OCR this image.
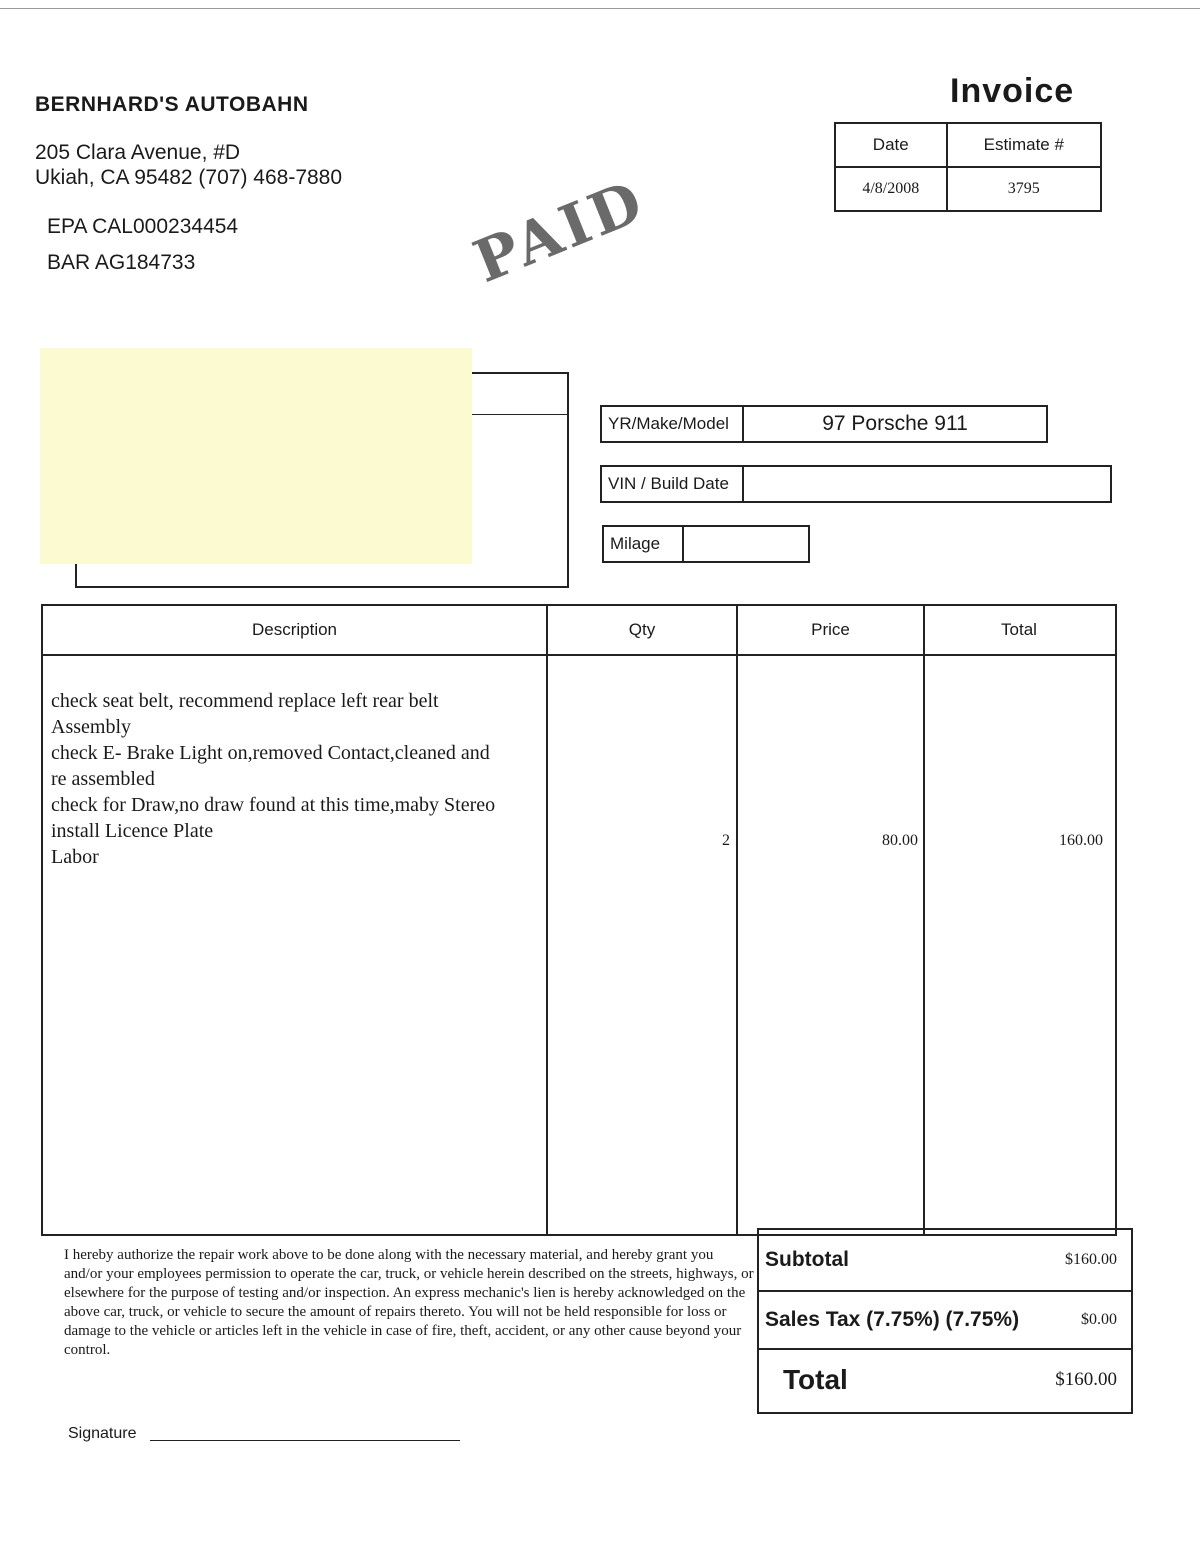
BERNHARD'S AUTOBAHN
205 Clara Avenue, #D
Ukiah, CA 95482 (707) 468-7880
EPA CAL000234454
BAR AG184733
Invoice
Date	Estimate #
4/8/2008	3795
PAID
YR/Make/Model	97 Porsche 911
VIN / Build Date
Milage
Description	Qty	Price	Total
check seat belt, recommend replace left rear belt
Assembly
check E- Brake Light on,removed Contact,cleaned and
re assembled
check for Draw,no draw found at this time,maby Stereo
install Licence Plate
Labor
2	80.00	160.00
I hereby authorize the repair work above to be done along with the necessary material, and hereby grant you and/or your employees permission to operate the car, truck, or vehicle herein described on the streets, highways, or elsewhere for the purpose of testing and/or inspection. An express mechanic's lien is hereby acknowledged on the above car, truck, or vehicle to secure the amount of repairs thereto. You will not be held responsible for loss or damage to the vehicle or articles left in the vehicle in case of fire, theft, accident, or any other cause beyond your control.
Signature
Subtotal	$160.00
Sales Tax (7.75%) (7.75%)	$0.00
Total	$160.00
